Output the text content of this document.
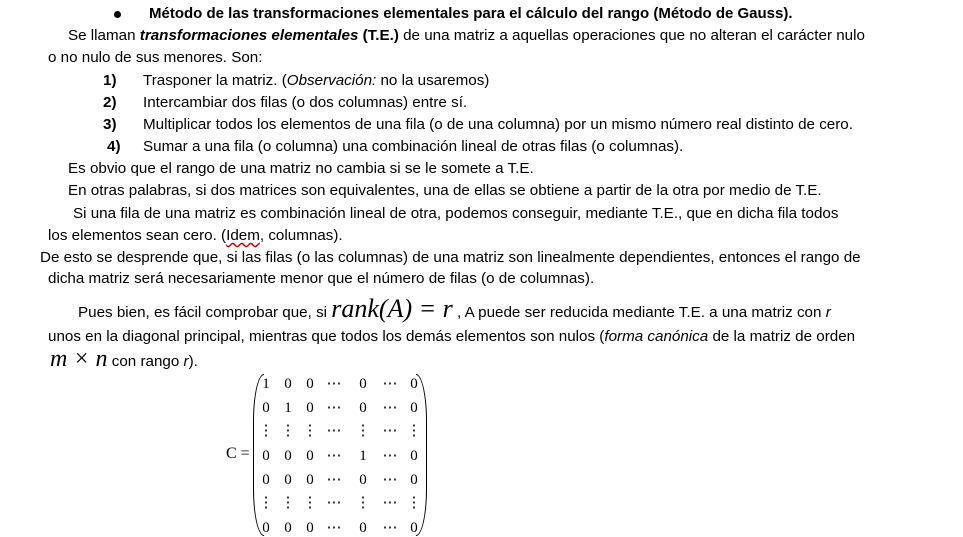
Método de las transformaciones elementales para el cálculo del rango (Método de Gauss).
Se llaman transformaciones elementales (T.E.) de una matriz a aquellas operaciones que no alteran el carácter nulo
o no nulo de sus menores. Son:
1) Trasponer la matriz. (Observación: no la usaremos)
2) Intercambiar dos filas (o dos columnas) entre sí.
3) Multiplicar todos los elementos de una fila (o de una columna) por un mismo número real distinto de cero.
4) Sumar a una fila (o columna) una combinación lineal de otras filas (o columnas).
Es obvio que el rango de una matriz no cambia si se le somete a T.E.
En otras palabras, si dos matrices son equivalentes, una de ellas se obtiene a partir de la otra por medio de T.E.
Si una fila de una matriz es combinación lineal de otra, podemos conseguir, mediante T.E., que en dicha fila todos
los elementos sean cero. (Idem, columnas).
De esto se desprende que, si las filas (o las columnas) de una matriz son linealmente dependientes, entonces el rango de
dicha matriz será necesariamente menor que el número de filas (o de columnas).
Pues bien, es fácil comprobar que, si rank(A) = r , A puede ser reducida mediante T.E. a una matriz con r
unos en la diagonal principal, mientras que todos los demás elementos son nulos (forma canónica de la matriz de orden
m × n con rango r).
C =
1 0 0 ⋯	0	⋯ 0
0 1 0 ⋯	0	⋯ 0
⋮ ⋮ ⋮ ⋯ ⋮ ⋯ ⋮
0 0 0 ⋯	1	⋯ 0
0 0 0 ⋯	0	⋯ 0
⋮ ⋮ ⋮ ⋯ ⋮ ⋯ ⋮
0 0 0 ⋯	0	⋯ 0
